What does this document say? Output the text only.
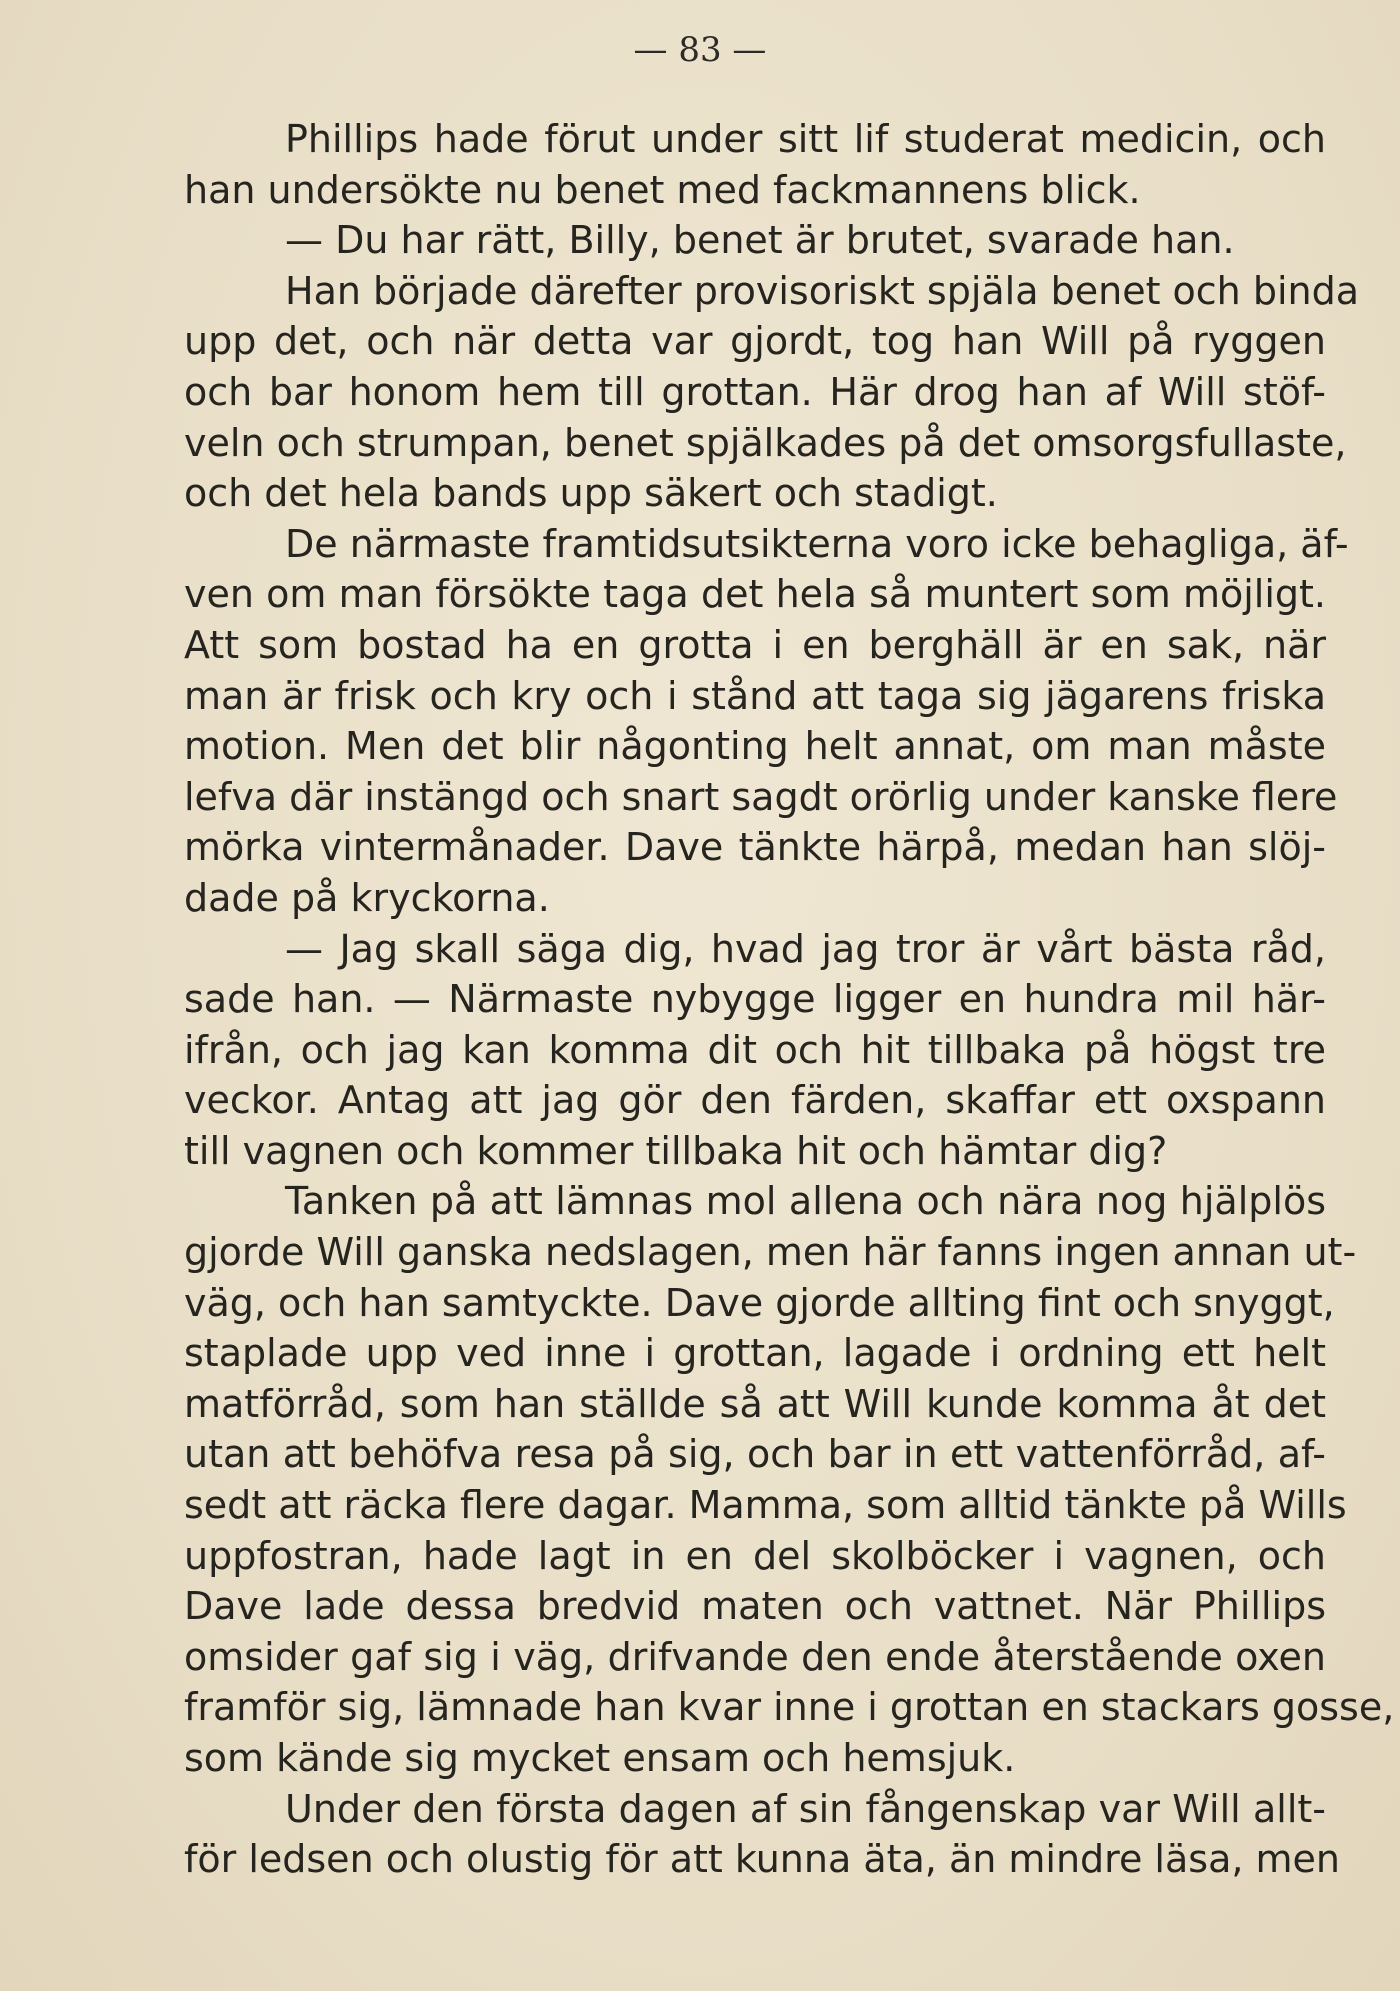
— 83 —
Phillips hade förut under sitt lif studerat medicin, och
han undersökte nu benet med fackmannens blick.
— Du har rätt, Billy, benet är brutet, svarade han.
Han började därefter provisoriskt spjäla benet och binda
upp det, och när detta var gjordt, tog han Will på ryggen
och bar honom hem till grottan. Här drog han af Will stöf-
veln och strumpan, benet spjälkades på det omsorgsfullaste,
och det hela bands upp säkert och stadigt.
De närmaste framtidsutsikterna voro icke behagliga, äf-
ven om man försökte taga det hela så muntert som möjligt.
Att som bostad ha en grotta i en berghäll är en sak, när
man är frisk och kry och i stånd att taga sig jägarens friska
motion. Men det blir någonting helt annat, om man måste
lefva där instängd och snart sagdt orörlig under kanske flere
mörka vintermånader. Dave tänkte härpå, medan han slöj-
dade på kryckorna.
— Jag skall säga dig, hvad jag tror är vårt bästa råd,
sade han. — Närmaste nybygge ligger en hundra mil här-
ifrån, och jag kan komma dit och hit tillbaka på högst tre
veckor. Antag att jag gör den färden, skaffar ett oxspann
till vagnen och kommer tillbaka hit och hämtar dig?
Tanken på att lämnas mol allena och nära nog hjälplös
gjorde Will ganska nedslagen, men här fanns ingen annan ut-
väg, och han samtyckte. Dave gjorde allting fint och snyggt,
staplade upp ved inne i grottan, lagade i ordning ett helt
matförråd, som han ställde så att Will kunde komma åt det
utan att behöfva resa på sig, och bar in ett vattenförråd, af-
sedt att räcka flere dagar. Mamma, som alltid tänkte på Wills
uppfostran, hade lagt in en del skolböcker i vagnen, och
Dave lade dessa bredvid maten och vattnet. När Phillips
omsider gaf sig i väg, drifvande den ende återstående oxen
framför sig, lämnade han kvar inne i grottan en stackars gosse,
som kände sig mycket ensam och hemsjuk.
Under den första dagen af sin fångenskap var Will allt-
för ledsen och olustig för att kunna äta, än mindre läsa, men
